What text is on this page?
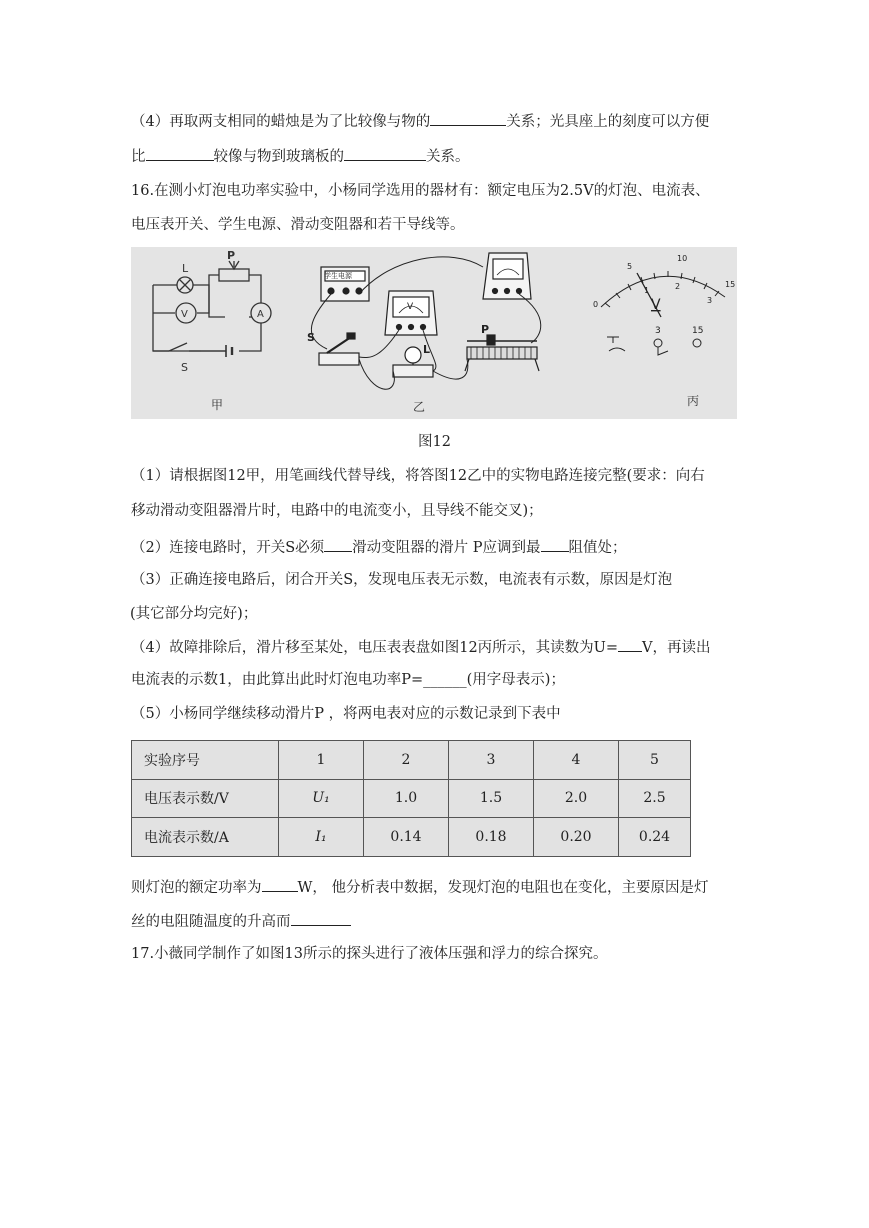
（4）再取两支相同的蜡烛是为了比较像与物的	关系；光具座上的刻度可以方便
比	较像与物到玻璃板的	关系。
16.在测小灯泡电功率实验中，小杨同学选用的器材有：额定电压为2.5V的灯泡、电流表、
电压表开关、学生电源、滑动变阻器和若干导线等。
L
P
V	A
S
甲
学生电源
V
S
L
P
乙
0
5
10
15
1	2
3
V
3	15
丙
图12
（1）请根据图12甲，用笔画线代替导线，将答图12乙中的实物电路连接完整(要求：向右
移动滑动变阻器滑片时，电路中的电流变小，且导线不能交叉)；
（2）连接电路时，开关S必须 滑动变阻器的滑片 P应调到最 阻值处；
（3）正确连接电路后，闭合开关S，发现电压表无示数，电流表有示数，原因是灯泡
(其它部分均完好)；
（4）故障排除后，滑片移至某处，电压表表盘如图12丙所示，其读数为U= V，再读出
电流表的示数1，由此算出此时灯泡电功率P=______(用字母表示)；
（5）小杨同学继续移动滑片P ，将两电表对应的示数记录到下表中
实验序号	1	2	3	4	5
电压表示数/V	U₁	1.0	1.5	2.0	2.5
电流表示数/A	I₁	0.14	0.18	0.20	0.24
则灯泡的额定功率为 W， 他分析表中数据，发现灯泡的电阻也在变化，主要原因是灯
丝的电阻随温度的升高而
17.小薇同学制作了如图13所示的探头进行了液体压强和浮力的综合探究。
